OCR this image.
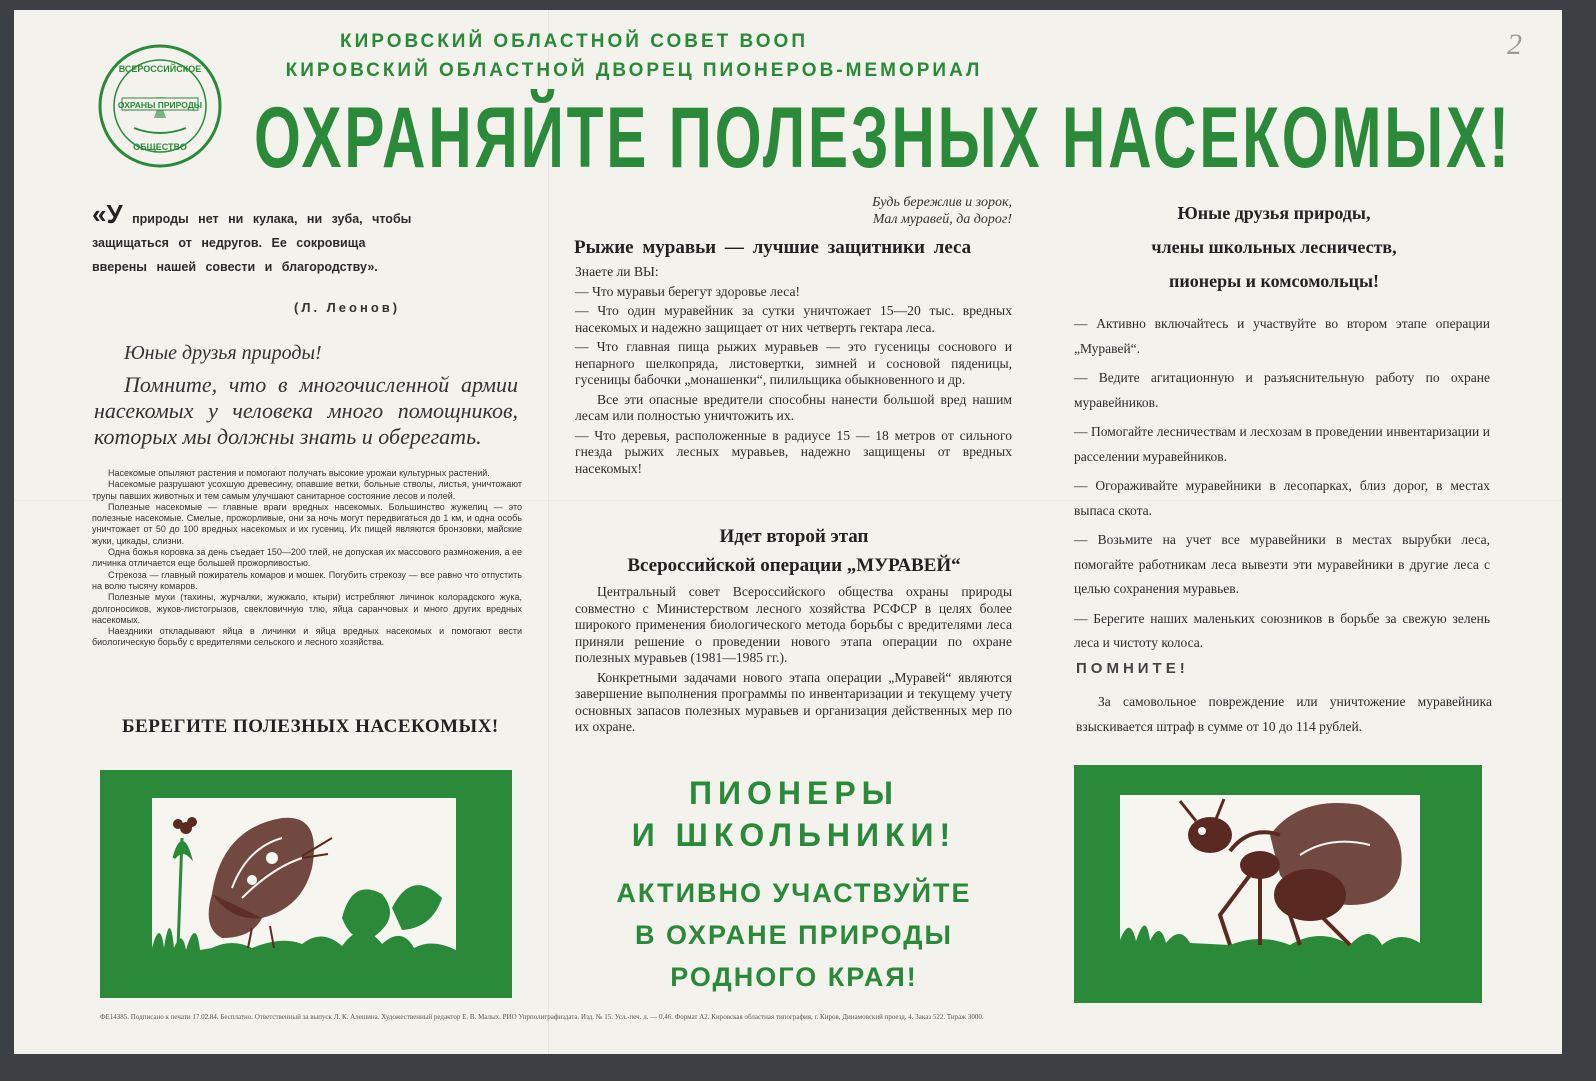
2
ОХРАНЫ ПРИРОДЫ
ВСЕРОССИЙСКОЕ
ОБЩЕСТВО
КИРОВСКИЙ ОБЛАСТНОЙ СОВЕТ ВООП
КИРОВСКИЙ ОБЛАСТНОЙ ДВОРЕЦ ПИОНЕРОВ-МЕМОРИАЛ
ОХРАНЯЙТЕ ПОЛЕЗНЫХ НАСЕКОМЫХ!
«У природы нет ни кулака, ни зуба, чтобы защищаться от недругов. Ее сокровища вверены нашей совести и благородству».
(Л. Леонов)
Юные друзья природы!
Помните, что в многочисленной армии насекомых у человека много помощников, которых мы должны знать и оберегать.

Насекомые опыляют растения и помогают получать высокие урожаи культурных растений.

Насекомые разрушают усохшую древесину, опавшие ветки, больные стволы, листья, уничтожают трупы павших животных и тем самым улучшают санитарное состояние лесов и полей.

Полезные насекомые — главные враги вредных насекомых. Большинство жужелиц — это полезные насекомые. Смелые, прожорливые, они за ночь могут передвигаться до 1 км, и одна особь уничтожает от 50 до 100 вредных насекомых и их гусениц. Их пищей являются бронзовки, майские жуки, цикады, слизни.

Одна божья коровка за день съедает 150—200 тлей, не допуская их массового размножения, а ее личинка отличается еще большей прожорливостью.

Стрекоза — главный пожиратель комаров и мошек. Погубить стрекозу — все равно что отпустить на волю тысячу комаров.

Полезные мухи (тахины, журчалки, жужжало, ктыри) истребляют личинок колорадского жука, долгоносиков, жуков-листогрызов, свекловичную тлю, яйца саранчовых и много других вредных насекомых.

Наездники откладывают яйца в личинки и яйца вредных насекомых и помогают вести биологическую борьбу с вредителями сельского и лесного хозяйства.

БЕРЕГИТЕ ПОЛЕЗНЫХ НАСЕКОМЫХ!
Будь бережлив и зорок,
Мал муравей, да дорог!
Рыжие муравьи — лучшие защитники леса

Знаете ли ВЫ:

— Что муравьи берегут здоровье леса!

— Что один муравейник за сутки уничтожает 15—20 тыс. вредных насекомых и надежно защищает от них четверть гектара леса.

— Что главная пища рыжих муравьев — это гусеницы соснового и непарного шелкопряда, листовертки, зимней и сосновой пяденицы, гусеницы бабочки „монашенки“, пилильщика обыкновенного и др.

Все эти опасные вредители способны нанести большой вред нашим лесам или полностью уничтожить их.

— Что деревья, расположенные в радиусе 15 — 18 метров от сильного гнезда рыжих лесных муравьев, надежно защищены от вредных насекомых!

Идет второй этап
Всероссийской операции „МУРАВЕЙ“

Центральный совет Всероссийского общества охраны природы совместно с Министерством лесного хозяйства РСФСР в целях более широкого применения биологического метода борьбы с вредителями леса приняли решение о проведении нового этапа операции по охране полезных муравьев (1981—1985 гг.).

Конкретными задачами нового этапа операции „Муравей“ являются завершение выполнения программы по инвентаризации и текущему учету основных запасов полезных муравьев и организация действенных мер по их охране.

Юные друзья природы,
члены школьных лесничеств,
пионеры и комсомольцы!

— Активно включайтесь и участвуйте во втором этапе операции „Муравей“.

— Ведите агитационную и разъяснительную работу по охране муравейников.

— Помогайте лесничествам и лесхозам в проведении инвентаризации и расселении муравейников.

— Огораживайте муравейники в лесопарках, близ дорог, в местах выпаса скота.

— Возьмите на учет все муравейники в местах вырубки леса, помогайте работникам леса вывезти эти муравейники в другие леса с целью сохранения муравьев.

— Берегите наших маленьких союзников в борьбе за свежую зелень леса и чистоту колоса.

ПОМНИТЕ!
За самовольное повреждение или уничтожение муравейника взыскивается штраф в сумме от 10 до 114 рублей.
ПИОНЕРЫ
И ШКОЛЬНИКИ!
АКТИВНО УЧАСТВУЙТЕ
В ОХРАНЕ ПРИРОДЫ
РОДНОГО КРАЯ!
ФЕ14385. Подписано к печати 17.02.84. Бесплатно. Ответственный за выпуск Л. К. Алешина. Художественный редактор Е. В. Малых. РИО Упрполиграфиздата. Изд. № 15. Усл.-печ. л. — 0,46. Формат А2. Кировская областная типография, г. Киров, Динамовский проезд, 4. Заказ 522. Тираж 3000.
